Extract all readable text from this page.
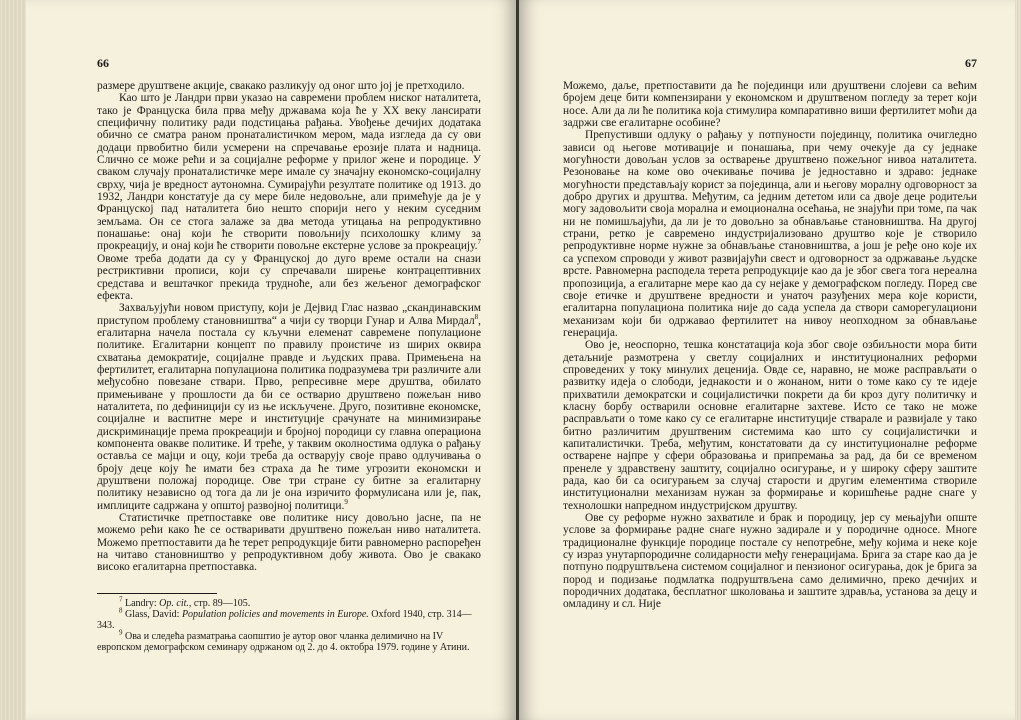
66

размере друштвене акције, свакако разликују од оног што јој је претходило.

Као што је Ландри први указао на савремени проблем ниског наталитета, тако је Француска била прва међу државама која ће у XX веку лансирати специфичну политику ради подстицања рађања. Увођење дечијих додатака обично се сматра раном пронаталистичком мером, мада изгледа да су ови додаци првобитно били усмерени на спречавање ерозије плата и надница. Слично се може рећи и за социјалне реформе у прилог жене и породице. У сваком случају пронаталистичке мере имале су значајну економско-социјалну сврху, чија је вредност аутономна. Сумирајући резултате политике од 1913. до 1932, Ландри констатује да су мере биле недовољне, али примећује да је у Француској пад наталитета био нешто спорији него у неким суседним земљама. Он се стога залаже за два метода утицања на репродуктивно понашање: онај који ће створити повољнију психолошку климу за прокреацију, и онај који ће створити повољне екстерне услове за прокреацију.$^7$ Овоме треба додати да су у Француској до дуго време остали на снази рестриктивни прописи, који су спречавали ширење контрацептивних средстава и вештачког прекида трудноће, али без жељеног демографског ефекта.

Захваљујући новом приступу, који је Дејвид Глас назвао „скандинавским приступом проблему становништва“ а чији су творци Гунар и Алва Мирдал$^8$, егалитарна начела постала су кључни елеменат савремене популационе политике. Егалитарни концепт по правилу проистиче из ширих оквира схватања демократије, социјалне правде и људских права. Примењена на фертилитет, егалитарна популациона политика подразумева три различите али међусобно повезане ствари. Прво, репресивне мере друштва, обилато примењиване у прошлости да би се остварио друштвено пожељан ниво наталитета, по дефиницији су из ње искључене. Друго, позитивне економске, социјалне и васпитне мере и институције срачунате на минимизирање дискриминације према прокреацији и бројној породици су главна операциона компонента овакве политике. И треће, у таквим околностима одлука о рађању оставља се мајци и оцу, који треба да остварују своје право одлучивања о броју деце коју ће имати без страха да ће тиме угрозити економски и друштвени положај породице. Ове три стране су битне за егалитарну политику независно од тога да ли је она изричито формулисана или је, пак, имплиците садржана у општој развојној политици.$^9$

Статистичке претпоставке ове политике нису довољно јасне, па не можемо рећи како ће се остваривати друштвено пожељан ниво наталитета. Можемо претпоставити да ће терет репродукције бити равномерно распоређен на читаво становништво у репродуктивном добу живота. Ово је свакако високо егалитарна претпоставка.

$^7$ Landry: Op. cit., стр. 89—105.

$^8$ Glass, David: Population policies and movements in Europe. Oxford 1940, стр. 314—343.

$^9$ Ова и следећа разматрања саопштио је аутор овог чланка делимично на IV европском демографском семинару одржаном од 2. до 4. октобра 1979. године у Атини.

67

Можемо, даље, претпоставити да ће појединци или друштвени слојеви са већим бројем деце бити компензирани у економском и друштвеном погледу за терет који носе. Али да ли ће политика која стимулира компаративно виши фертилитет моћи да задржи све егалитарне особине?

Препустивши одлуку о рађању у потпуности појединцу, политика очигледно зависи од његове мотивације и понашања, при чему очекује да су једнаке могућности довољан услов за остварење друштвено пожељног нивоа наталитета. Резоновање на коме ово очекивање почива је једноставно и здраво: једнаке могућности представљају корист за појединца, али и његову моралну одговорност за добро других и друштва. Међутим, са једним дететом или са двоје деце родитељи могу задовољити своја морална и емоционална осећања, не знајући при томе, па чак ни не помишљајући, да ли је то довољно за обнављање становништва. На другој страни, ретко је савремено индустријализовано друштво које је створило репродуктивне норме нужне за обнављање становништва, а још је ређе оно које их са успехом спроводи у живот развијајући свест и одговорност за одржавање људске врсте. Равномерна расподела терета репродукције као да је због свега тога нереална пропозиција, а егалитарне мере као да су нејаке у демографском погледу. Поред све своје етичке и друштвене вредности и унаточ разуђених мера које користи, егалитарна популациона политика није до сада успела да створи саморегулациони механизам који би одржавао фертилитет на нивоу неопходном за обнављање генерација.

Ово је, неоспорно, тешка констатација која због своје озбиљности мора бити детаљније размотрена у светлу социјалних и институционалних реформи спроведених у току минулих деценија. Овде се, наравно, не може расправљати о развитку идеја о слободи, једнакости и о жонаном, нити о томе како су те идеје прихватили демократски и социјалистички покрети да би кроз дугу политичку и класну борбу остварили основне егалитарне захтеве. Исто се тако не може расправљати о томе како су се егалитарне институције стварале и развијале у тако битно различитим друштвеним системима као што су социјалистички и капиталистички. Треба, међутим, констатовати да су институционалне реформе остварене најпре у сфери образовања и припремања за рад, да би се временом пренеле у здравствену заштиту, социјално осигурање, и у широку сферу заштите рада, као би са осигурањем за случај старости и другим елементима створиле институционални механизам нужан за формирање и коришћење радне снаге у технолошки напредном индустријском друштву.

Ове су реформе нужно захватиле и брак и породицу, јер су мењајући опште услове за формирање радне снаге нужно задирале и у породичне односе. Многе традиционалне функције породице постале су непотребне, међу којима и неке које су израз унутарпородичне солидарности међу генерацијама. Брига за старе као да је потпуно подруштвљена системом социјалног и пензионог осигурања, док је брига за пород и подизање подмлатка подруштвљена само делимично, преко дечијих и породичних додатака, бесплатног школовања и заштите здравља, установа за децу и омладину и сл. Није
